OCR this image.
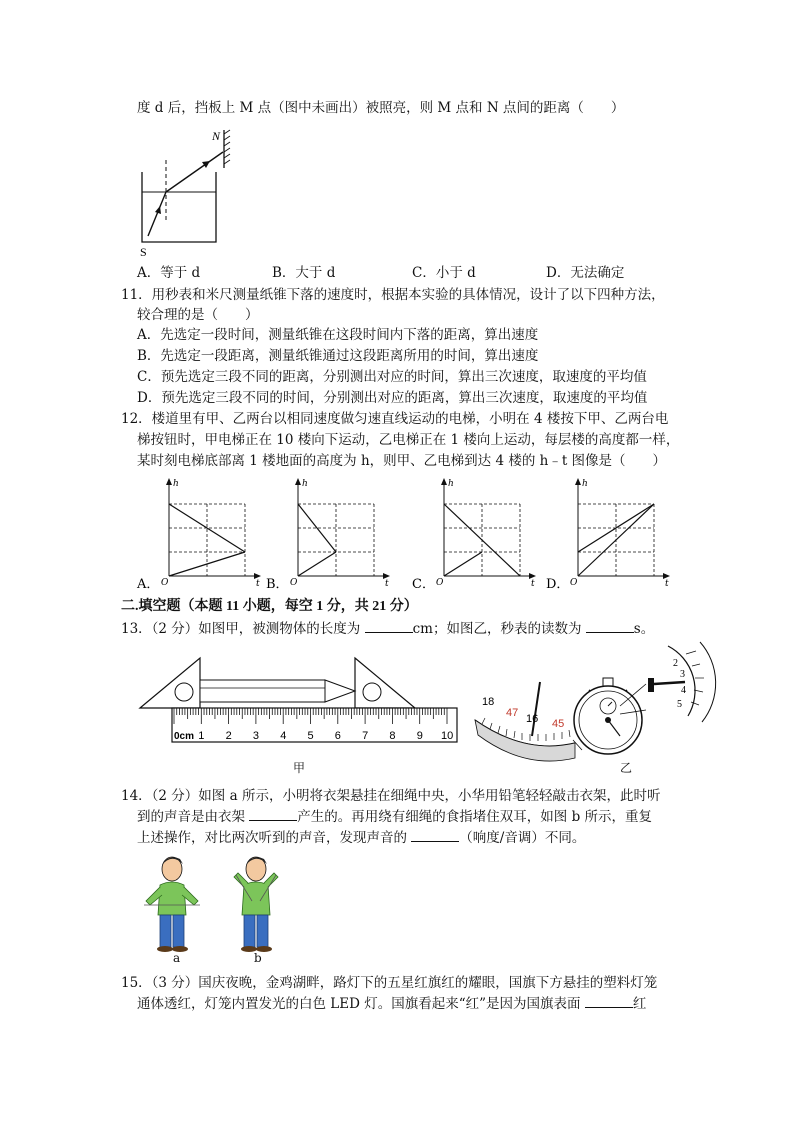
度 d 后，挡板上 M 点（图中未画出）被照亮，则 M 点和 N 点间的距离（　　）
N
S
A．等于 d	B．大于 d	C．小于 d	D．无法确定
11．用秒表和米尺测量纸锥下落的速度时，根据本实验的具体情况，设计了以下四种方法，
较合理的是（　　）
A．先选定一段时间，测量纸锥在这段时间内下落的距离，算出速度
B．先选定一段距离，测量纸锥通过这段距离所用的时间，算出速度
C．预先选定三段不同的距离，分别测出对应的时间，算出三次速度，取速度的平均值
D．预先选定三段不同的时间，分别测出对应的距离，算出三次速度，取速度的平均值
12．楼道里有甲、乙两台以相同速度做匀速直线运动的电梯，小明在 4 楼按下甲、乙两台电
梯按钮时，甲电梯正在 10 楼向下运动，乙电梯正在 1 楼向上运动，每层楼的高度都一样，
某时刻电梯底部离 1 楼地面的高度为 h，则甲、乙电梯到达 4 楼的 h﹣t 图像是（　　）
A．
h
O	t B．
h
O	t C．
h
O	t D．
h
O	t
二.填空题（本题 11 小题，每空 1 分，共 21 分）
13．（2 分）如图甲，被测物体的长度为	cm；如图乙，秒表的读数为	s。
0cm 1 2 3 4 5 6 7 8 9 10
甲
18
47 16 45
2
3
4
5
乙
14．（2 分）如图 a 所示，小明将衣架悬挂在细绳中央，小华用铅笔轻轻敲击衣架，此时听
到的声音是由衣架	产生的。再用绕有细绳的食指堵住双耳，如图 b 所示，重复
上述操作，对比两次听到的声音，发现声音的	（响度/音调）不同。
a	b
15．（3 分）国庆夜晚，金鸡湖畔，路灯下的五星红旗红的耀眼，国旗下方悬挂的塑料灯笼
通体透红，灯笼内置发光的白色 LED 灯。国旗看起来“红”是因为国旗表面	红
